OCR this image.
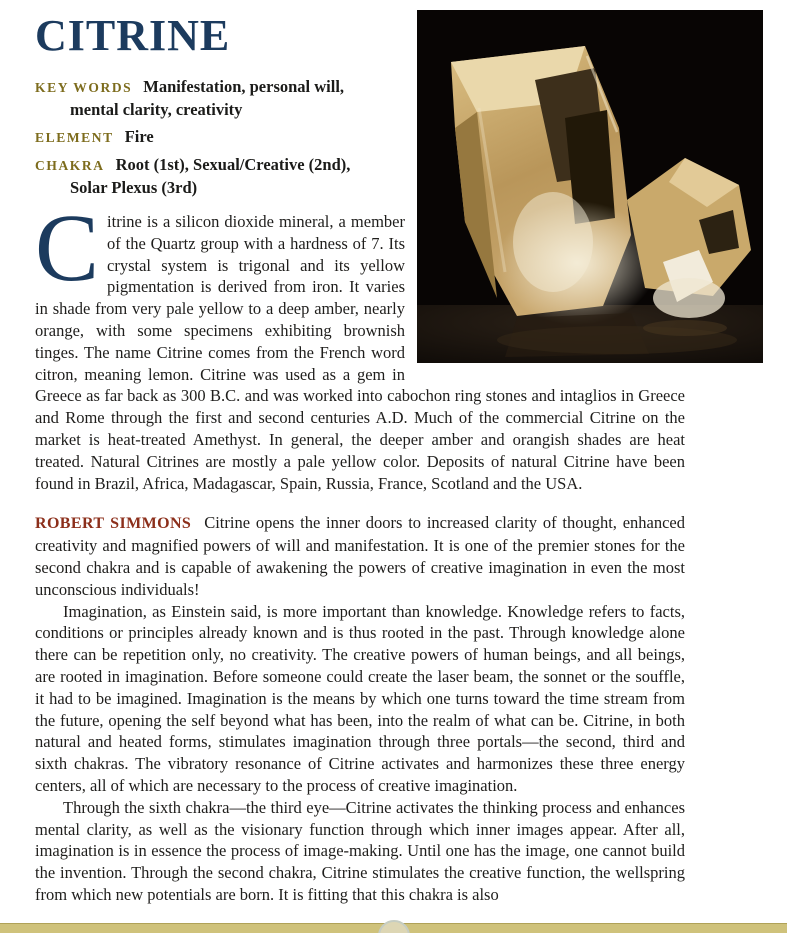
CITRINE

KEY WORDS Manifestation, personal will, mental clarity, creativity

ELEMENT Fire

CHAKRA Root (1st), Sexual/Creative (2nd), Solar Plexus (3rd)

Citrine is a silicon dioxide mineral, a member of the Quartz group with a hardness of 7. Its crystal system is trigonal and its yellow pigmentation is derived from iron. It varies in shade from very pale yellow to a deep amber, nearly orange, with some specimens exhibiting brownish tinges. The name Citrine comes from the French word citron, meaning lemon. Citrine was used as a gem in Greece as far back as 300 B.C. and was worked into cabochon ring stones and intaglios in Greece and Rome through the first and second centuries A.D. Much of the commercial Citrine on the market is heat-treated Amethyst. In general, the deeper amber and orangish shades are heat treated. Natural Citrines are mostly a pale yellow color. Deposits of natural Citrine have been found in Brazil, Africa, Madagascar, Spain, Russia, France, Scotland and the USA.

ROBERT SIMMONS Citrine opens the inner doors to increased clarity of thought, enhanced creativity and magnified powers of will and manifestation. It is one of the premier stones for the second chakra and is capable of awakening the powers of creative imagination in even the most unconscious individuals!

Imagination, as Einstein said, is more important than knowledge. Knowledge refers to facts, conditions or principles already known and is thus rooted in the past. Through knowledge alone there can be repetition only, no creativity. The creative powers of human beings, and all beings, are rooted in imagination. Before someone could create the laser beam, the sonnet or the souffle, it had to be imagined. Imagination is the means by which one turns toward the time stream from the future, opening the self beyond what has been, into the realm of what can be. Citrine, in both natural and heated forms, stimulates imagination through three portals—the second, third and sixth chakras. The vibratory resonance of Citrine activates and harmonizes these three energy centers, all of which are necessary to the process of creative imagination.

Through the sixth chakra—the third eye—Citrine activates the thinking process and enhances mental clarity, as well as the visionary function through which inner images appear. After all, imagination is in essence the process of image-making. Until one has the image, one cannot build the invention. Through the second chakra, Citrine stimulates the creative function, the wellspring from which new potentials are born. It is fitting that this chakra is also
